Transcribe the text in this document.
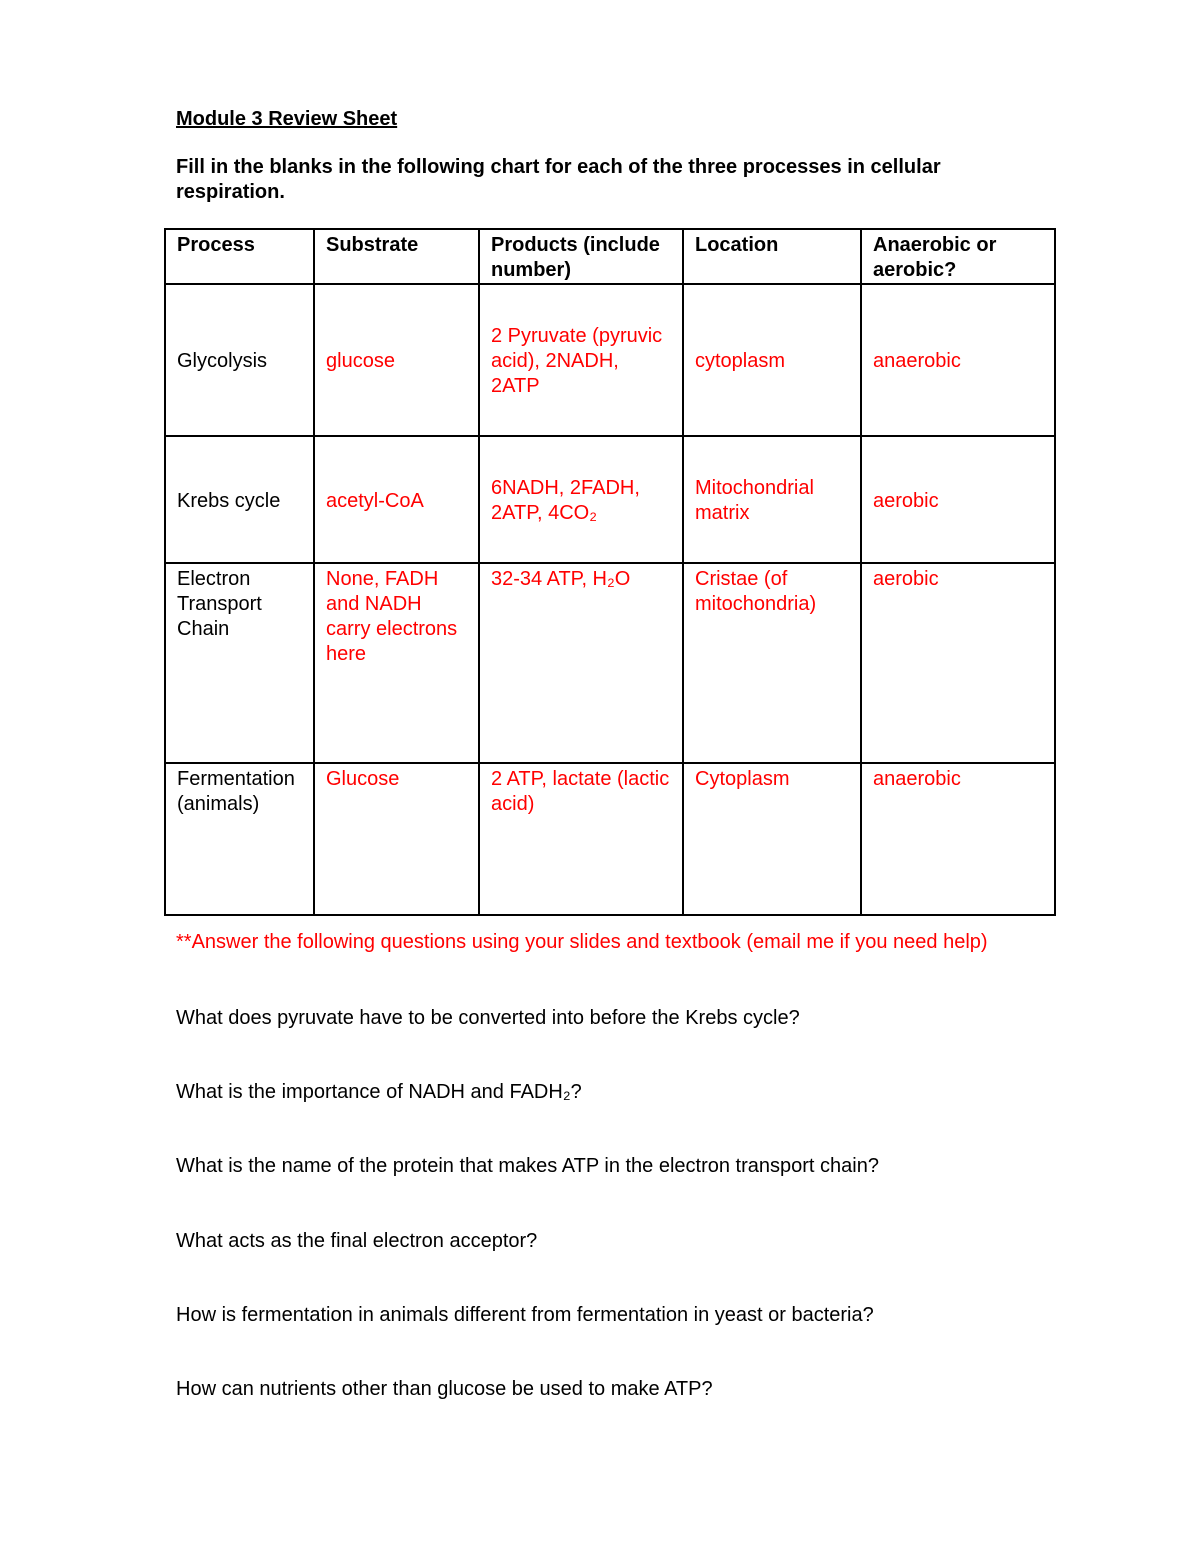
Module 3 Review Sheet
Fill in the blanks in the following chart for each of the three processes in cellular respiration.
Process	Substrate	Products (include number)	Location	Anaerobic or aerobic?
Glycolysis	glucose	2 Pyruvate (pyruvic acid), 2NADH, 2ATP	cytoplasm	anaerobic
Krebs cycle	acetyl-CoA	6NADH, 2FADH, 2ATP, 4CO₂	Mitochondrial matrix	aerobic
Electron Transport Chain	None, FADH and NADH carry electrons here	32-34 ATP, H₂O	Cristae (of mitochondria)	aerobic
Fermentation (animals)	Glucose	2 ATP, lactate (lactic acid)	Cytoplasm	anaerobic
**Answer the following questions using your slides and textbook (email me if you need help)
What does pyruvate have to be converted into before the Krebs cycle?
What is the importance of NADH and FADH₂?
What is the name of the protein that makes ATP in the electron transport chain?
What acts as the final electron acceptor?
How is fermentation in animals different from fermentation in yeast or bacteria?
How can nutrients other than glucose be used to make ATP?
